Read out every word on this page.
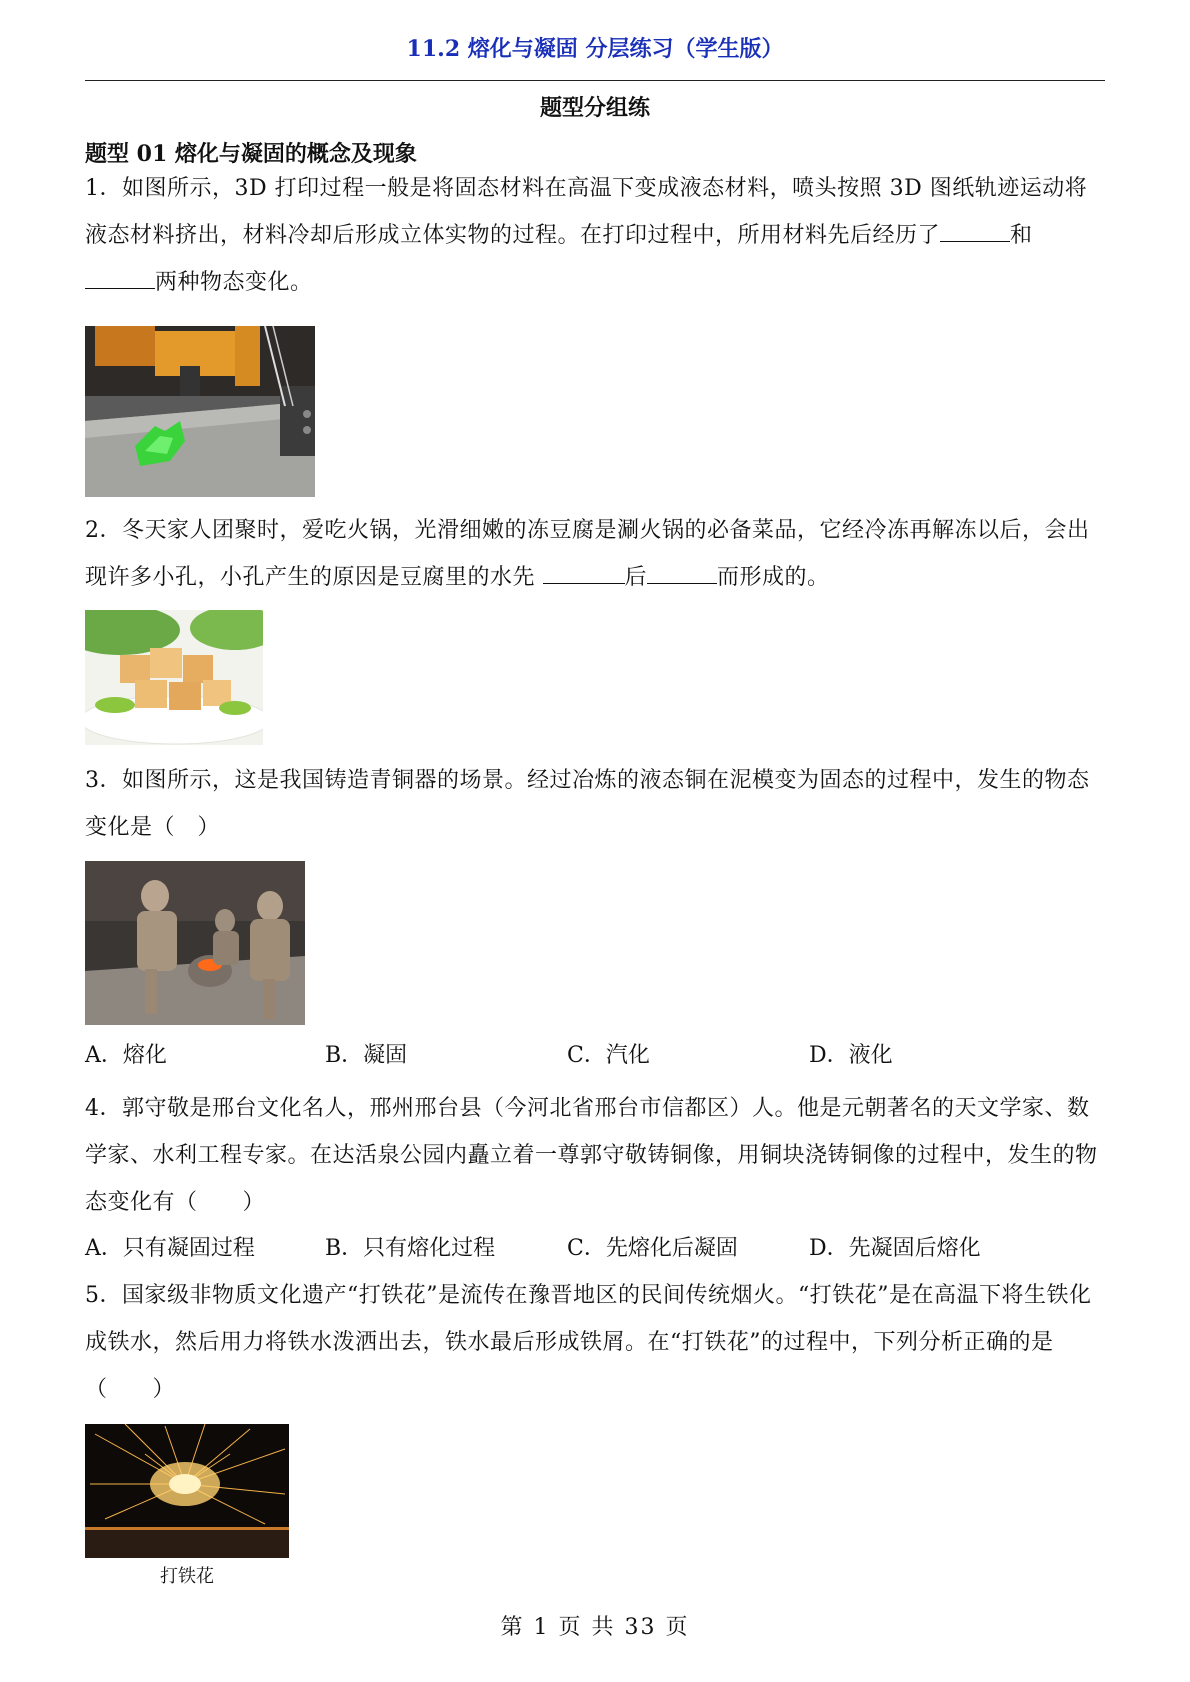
11.2 熔化与凝固 分层练习（学生版）
题型分组练
题型 01 熔化与凝固的概念及现象
1．如图所示，3D 打印过程一般是将固态材料在高温下变成液态材料，喷头按照 3D 图纸轨迹运动将液态材料挤出，材料冷却后形成立体实物的过程。在打印过程中，所用材料先后经历了	和
两种物态变化。
2．冬天家人团聚时，爱吃火锅，光滑细嫩的冻豆腐是涮火锅的必备菜品，它经冷冻再解冻以后，会出现许多小孔，小孔产生的原因是豆腐里的水先	后	而形成的。
3．如图所示，这是我国铸造青铜器的场景。经过冶炼的液态铜在泥模变为固态的过程中，发生的物态变化是（　）
A．熔化	B．凝固	C．汽化	D．液化
4．郭守敬是邢台文化名人，邢州邢台县（今河北省邢台市信都区）人。他是元朝著名的天文学家、数学家、水利工程专家。在达活泉公园内矗立着一尊郭守敬铸铜像，用铜块浇铸铜像的过程中，发生的物态变化有（　　）
A．只有凝固过程	B．只有熔化过程	C．先熔化后凝固	D．先凝固后熔化
5．国家级非物质文化遗产“打铁花”是流传在豫晋地区的民间传统烟火。“打铁花”是在高温下将生铁化成铁水，然后用力将铁水泼洒出去，铁水最后形成铁屑。在“打铁花”的过程中，下列分析正确的是（　　）
打铁花
第 1 页 共 33 页
